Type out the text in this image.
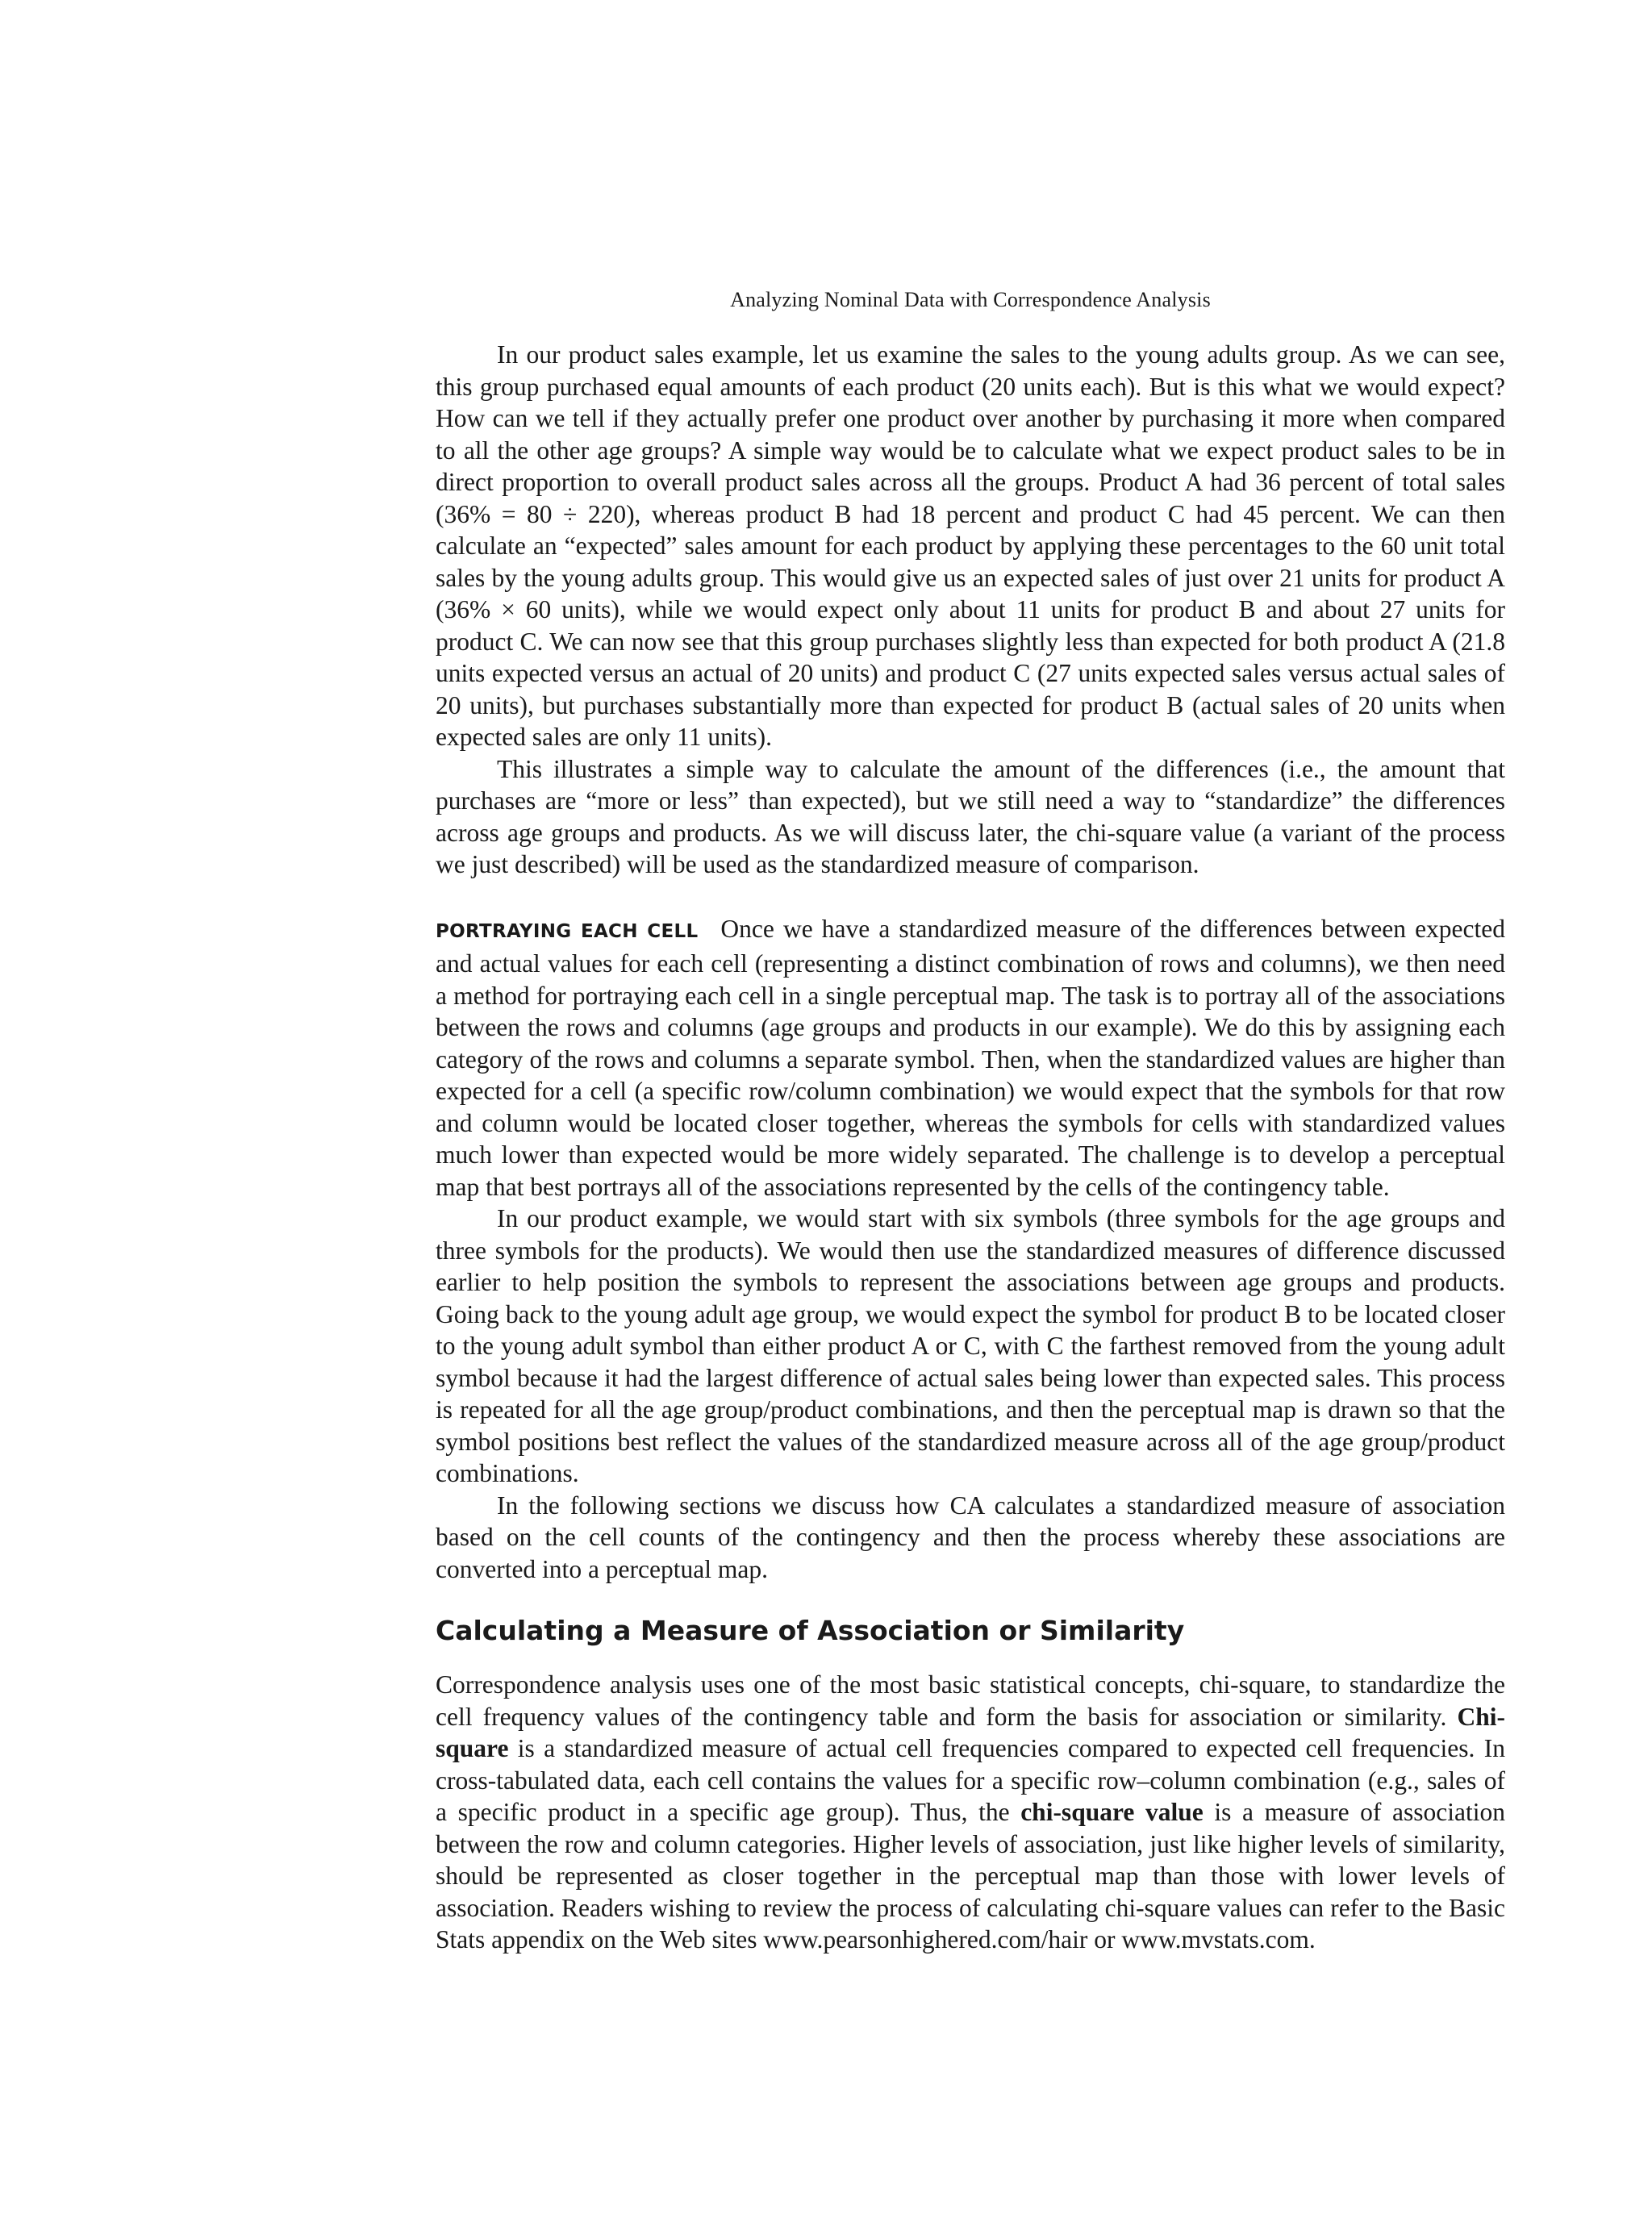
Analyzing Nominal Data with Correspondence Analysis

In our product sales example, let us examine the sales to the young adults group. As we can see, this group purchased equal amounts of each product (20 units each). But is this what we would expect? How can we tell if they actually prefer one product over another by purchasing it more when compared to all the other age groups? A simple way would be to calculate what we expect product sales to be in direct proportion to overall product sales across all the groups. Product A had 36 percent of total sales (36% = 80 ÷ 220), whereas product B had 18 percent and product C had 45 percent. We can then calculate an “expected” sales amount for each product by applying these percentages to the 60 unit total sales by the young adults group. This would give us an expected sales of just over 21 units for product A (36% × 60 units), while we would expect only about 11 units for product B and about 27 units for product C. We can now see that this group purchases slightly less than expected for both product A (21.8 units expected versus an actual of 20 units) and product C (27 units expected sales versus actual sales of 20 units), but purchases substantially more than expected for product B (actual sales of 20 units when expected sales are only 11 units).

This illustrates a simple way to calculate the amount of the differences (i.e., the amount that purchases are “more or less” than expected), but we still need a way to “standardize” the differences across age groups and products. As we will discuss later, the chi-square value (a variant of the process we just described) will be used as the standardized measure of comparison.

PORTRAYING EACH CELL Once we have a standardized measure of the differences between expected and actual values for each cell (representing a distinct combination of rows and columns), we then need a method for portraying each cell in a single perceptual map. The task is to portray all of the associations between the rows and columns (age groups and products in our example). We do this by assigning each category of the rows and columns a separate symbol. Then, when the standardized values are higher than expected for a cell (a specific row/column combination) we would expect that the symbols for that row and column would be located closer together, whereas the symbols for cells with standardized values much lower than expected would be more widely separated. The challenge is to develop a perceptual map that best portrays all of the associations represented by the cells of the contingency table.

In our product example, we would start with six symbols (three symbols for the age groups and three symbols for the products). We would then use the standardized measures of difference discussed earlier to help position the symbols to represent the associations between age groups and products. Going back to the young adult age group, we would expect the symbol for product B to be located closer to the young adult symbol than either product A or C, with C the farthest removed from the young adult symbol because it had the largest difference of actual sales being lower than expected sales. This process is repeated for all the age group/product combinations, and then the perceptual map is drawn so that the symbol positions best reflect the values of the standardized measure across all of the age group/product combinations.

In the following sections we discuss how CA calculates a standardized measure of association based on the cell counts of the contingency and then the process whereby these associations are converted into a perceptual map.

Calculating a Measure of Association or Similarity

Correspondence analysis uses one of the most basic statistical concepts, chi-square, to standardize the cell frequency values of the contingency table and form the basis for association or similarity. Chi-square is a standardized measure of actual cell frequencies compared to expected cell frequencies. In cross-tabulated data, each cell contains the values for a specific row–column combination (e.g., sales of a specific product in a specific age group). Thus, the chi-square value is a measure of association between the row and column categories. Higher levels of association, just like higher levels of similarity, should be represented as closer together in the perceptual map than those with lower levels of association. Readers wishing to review the process of calculating chi-square values can refer to the Basic Stats appendix on the Web sites www.pearsonhighered.com/hair or www.mvstats.com.
